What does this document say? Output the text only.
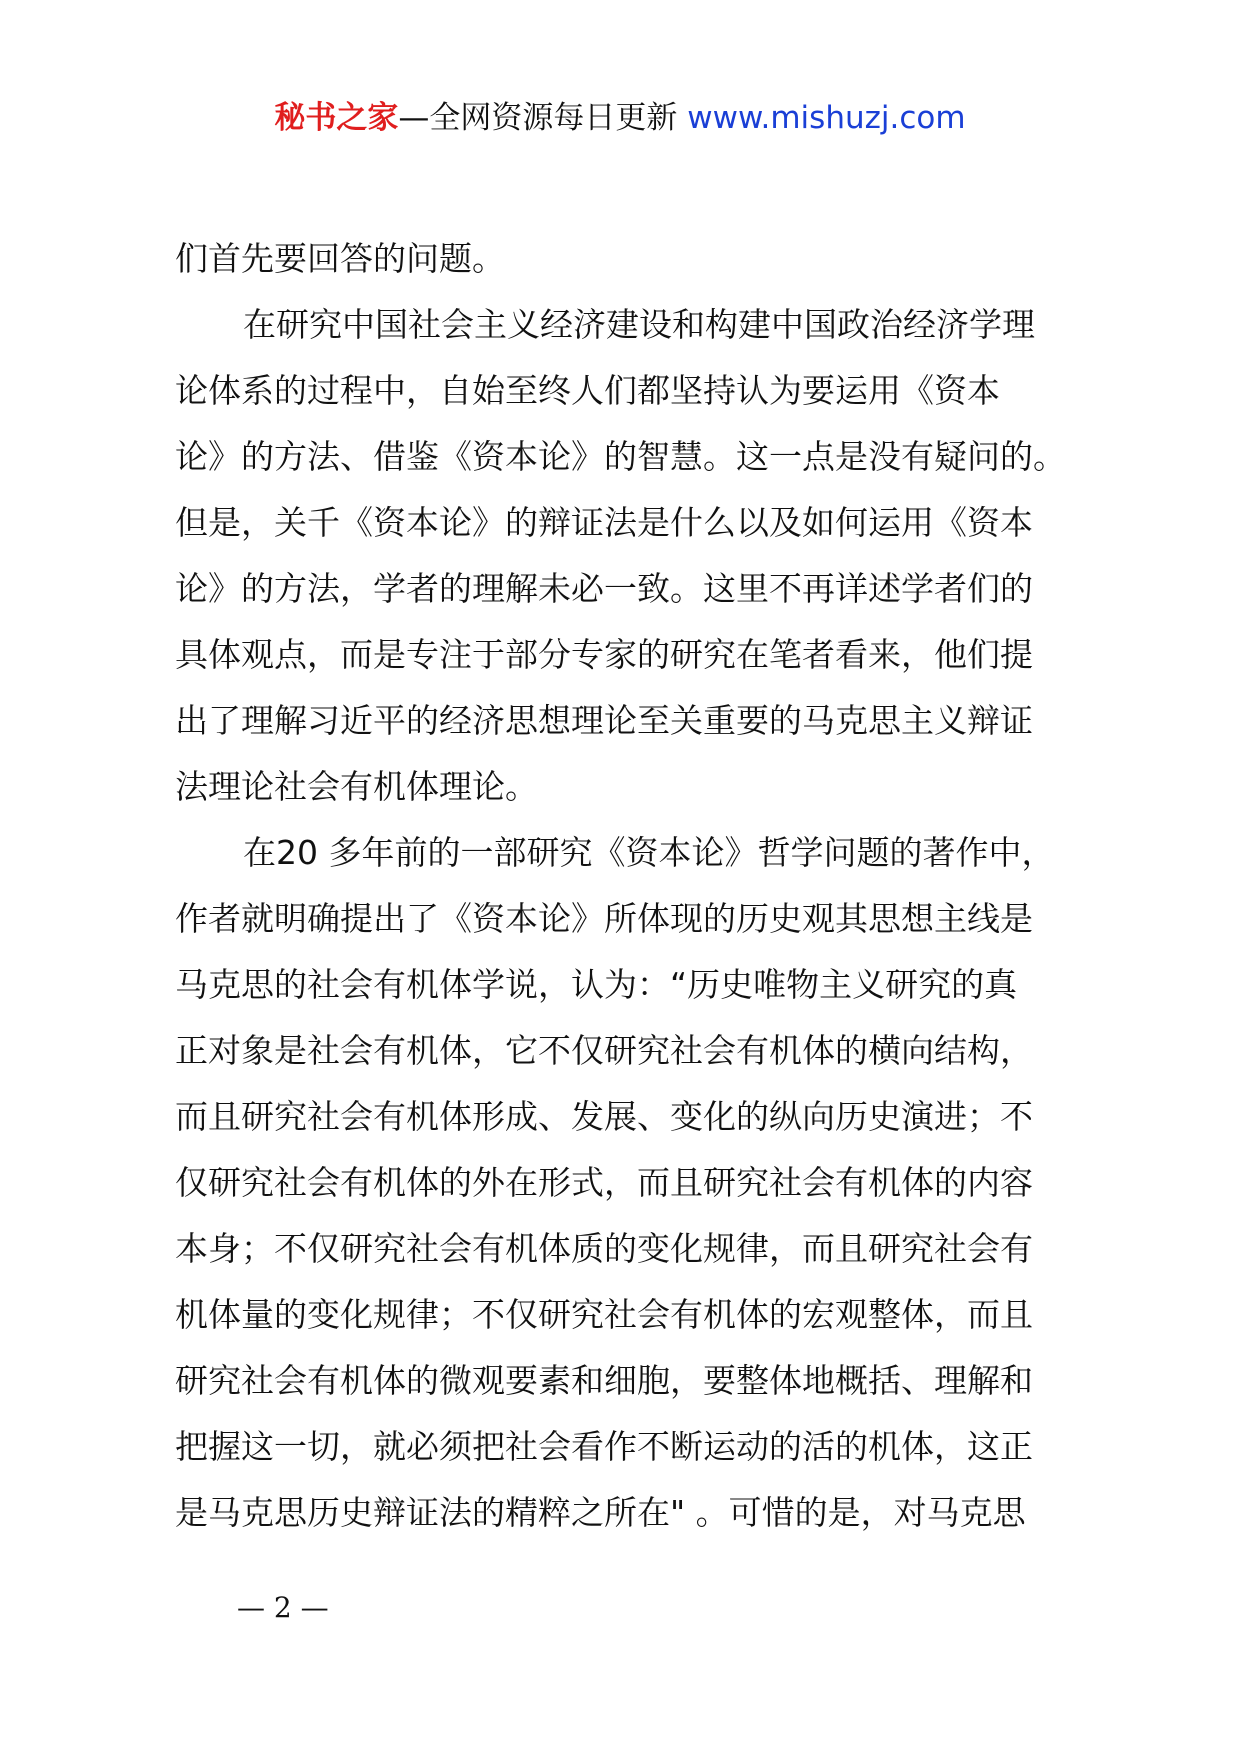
秘书之家—全网资源每日更新 www.mishuzj.com
们首先要回答的问题。
在研究中国社会主义经济建设和构建中国政治经济学理
论体系的过程中，自始至终人们都坚持认为要运用《资本
论》的方法、借鉴《资本论》的智慧。这一点是没有疑问的。
但是，关千《资本论》的辩证法是什么以及如何运用《资本
论》的方法，学者的理解未必一致。这里不再详述学者们的
具体观点，而是专注于部分专家的研究在笔者看来，他们提
出了理解习近平的经济思想理论至关重要的马克思主义辩证
法理论社会有机体理论。
在20 多年前的一部研究《资本论》哲学问题的著作中，
作者就明确提出了《资本论》所体现的历史观其思想主线是
马克思的社会有机体学说，认为：“历史唯物主义研究的真
正对象是社会有机体，它不仅研究社会有机体的横向结构，
而且研究社会有机体形成、发展、变化的纵向历史演进；不
仅研究社会有机体的外在形式，而且研究社会有机体的内容
本身；不仅研究社会有机体质的变化规律，而且研究社会有
机体量的变化规律；不仅研究社会有机体的宏观整体，而且
研究社会有机体的微观要素和细胞，要整体地概括、理解和
把握这一切，就必须把社会看作不断运动的活的机体，这正
是马克思历史辩证法的精粹之所在" 。可惜的是，对马克思
— 2 —
